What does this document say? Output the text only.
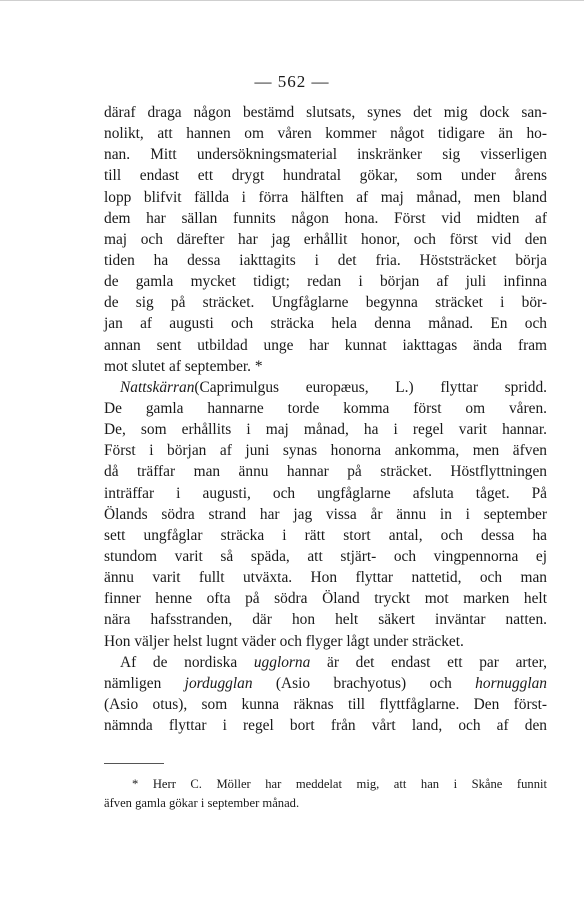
— 562 —
däraf draga någon bestämd slutsats, synes det mig dock san-
nolikt, att hannen om våren kommer något tidigare än ho-
nan. Mitt undersökningsmaterial inskränker sig visserligen
till endast ett drygt hundratal gökar, som under årens
lopp blifvit fällda i förra hälften af maj månad, men bland
dem har sällan funnits någon hona. Först vid midten af
maj och därefter har jag erhållit honor, och först vid den
tiden ha dessa iakttagits i det fria. Höststräcket börja
de gamla mycket tidigt; redan i början af juli infinna
de sig på sträcket. Ungfåglarne begynna sträcket i bör-
jan af augusti och sträcka hela denna månad. En och
annan sent utbildad unge har kunnat iakttagas ända fram
mot slutet af september. *
Nattskärran(Caprimulgus europæus, L.) flyttar spridd.
De gamla hannarne torde komma först om våren.
De, som erhållits i maj månad, ha i regel varit hannar.
Först i början af juni synas honorna ankomma, men äfven
då träffar man ännu hannar på sträcket. Höstflyttningen
inträffar i augusti, och ungfåglarne afsluta tåget. På
Ölands södra strand har jag vissa år ännu in i september
sett ungfåglar sträcka i rätt stort antal, och dessa ha
stundom varit så späda, att stjärt- och vingpennorna ej
ännu varit fullt utväxta. Hon flyttar nattetid, och man
finner henne ofta på södra Öland tryckt mot marken helt
nära hafsstranden, där hon helt säkert inväntar natten.
Hon väljer helst lugnt väder och flyger lågt under sträcket.
Af de nordiska ugglorna är det endast ett par arter,
nämligen jordugglan (Asio brachyotus) och hornugglan
(Asio otus), som kunna räknas till flyttfåglarne. Den först-
nämnda flyttar i regel bort från vårt land, och af den
* Herr C. Möller har meddelat mig, att han i Skåne funnit
äfven gamla gökar i september månad.
